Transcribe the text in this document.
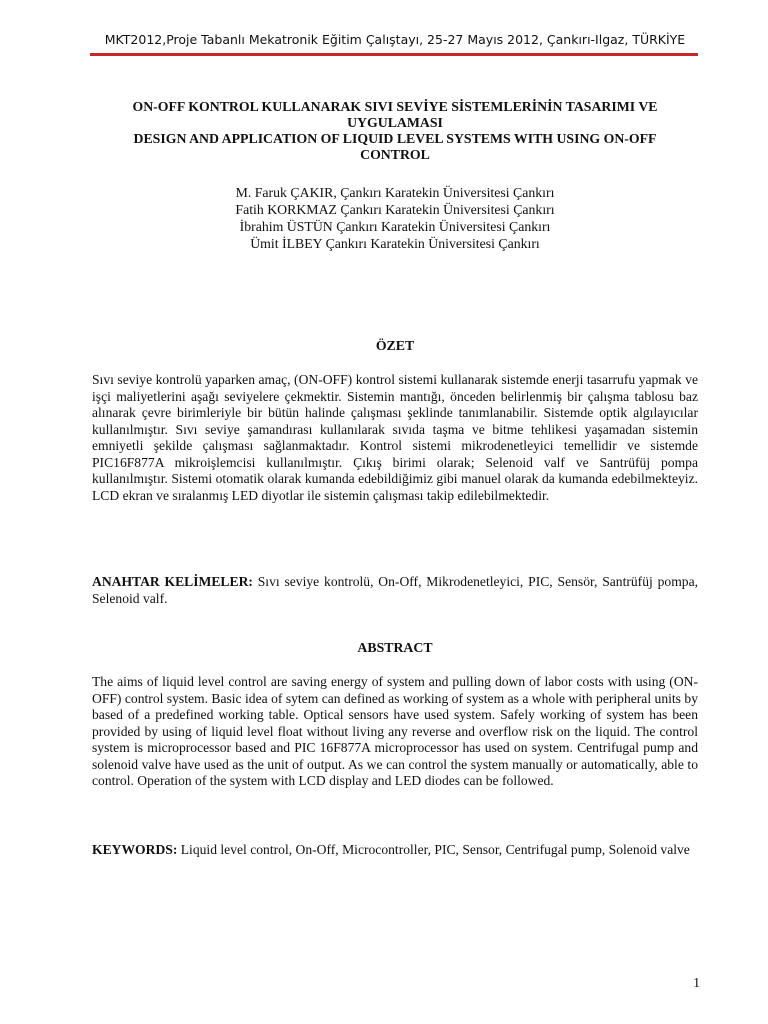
MKT2012,Proje Tabanlı Mekatronik Eğitim Çalıştayı, 25-27 Mayıs 2012, Çankırı-Ilgaz, TÜRKİYE
ON-OFF KONTROL KULLANARAK SIVI SEVİYE SİSTEMLERİNİN TASARIMI VE
UYGULAMASI
DESIGN AND APPLICATION OF LIQUID LEVEL SYSTEMS WITH USING ON-OFF
CONTROL
M. Faruk ÇAKIR, Çankırı Karatekin Üniversitesi Çankırı
Fatih KORKMAZ Çankırı Karatekin Üniversitesi Çankırı
İbrahim ÜSTÜN Çankırı Karatekin Üniversitesi Çankırı
Ümit İLBEY Çankırı Karatekin Üniversitesi Çankırı
ÖZET
Sıvı seviye kontrolü yaparken amaç, (ON-OFF) kontrol sistemi kullanarak sistemde enerji tasarrufu yapmak ve işçi maliyetlerini aşağı seviyelere çekmektir. Sistemin mantığı, önceden belirlenmiş bir çalışma tablosu baz alınarak çevre birimleriyle bir bütün halinde çalışması şeklinde tanımlanabilir. Sistemde optik algılayıcılar kullanılmıştır. Sıvı seviye şamandırası kullanılarak sıvıda taşma ve bitme tehlikesi yaşamadan sistemin emniyetli şekilde çalışması sağlanmaktadır. Kontrol sistemi mikrodenetleyici temellidir ve sistemde PIC16F877A mikroişlemcisi kullanılmıştır. Çıkış birimi olarak; Selenoid valf ve Santrüfüj pompa kullanılmıştır. Sistemi otomatik olarak kumanda edebildiğimiz gibi manuel olarak da kumanda edebilmekteyiz. LCD ekran ve sıralanmış LED diyotlar ile sistemin çalışması takip edilebilmektedir.
ANAHTAR KELİMELER: Sıvı seviye kontrolü, On-Off, Mikrodenetleyici, PIC, Sensör, Santrüfüj pompa, Selenoid valf.
ABSTRACT
The aims of liquid level control are saving energy of system and pulling down of labor costs with using (ON-OFF) control system. Basic idea of sytem can defined as working of system as a whole with peripheral units by based of a predefined working table. Optical sensors have used system. Safely working of system has been provided by using of liquid level float without living any reverse and overflow risk on the liquid. The control system is microprocessor based and PIC 16F877A microprocessor has used on system. Centrifugal pump and solenoid valve have used as the unit of output. As we can control the system manually or automatically, able to control. Operation of the system with LCD display and LED diodes can be followed.
KEYWORDS: Liquid level control, On-Off, Microcontroller, PIC, Sensor, Centrifugal pump, Solenoid valve
1
